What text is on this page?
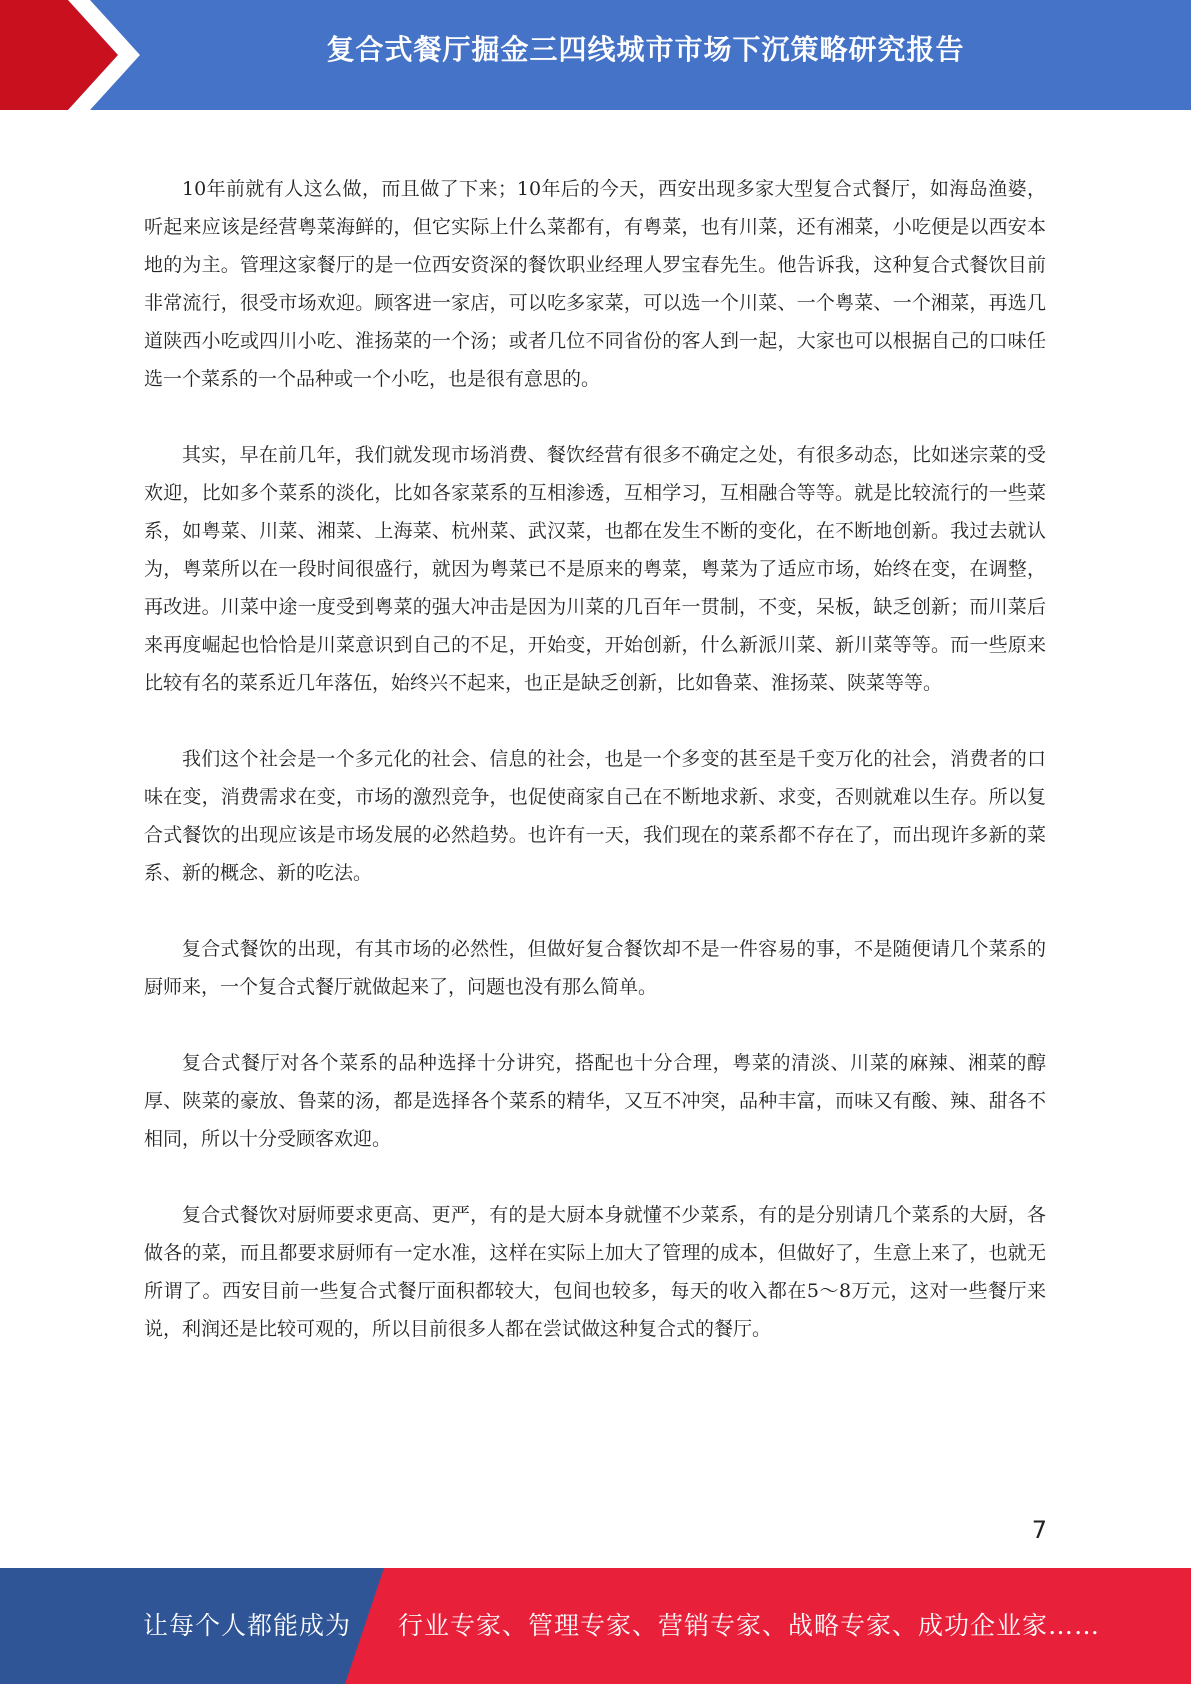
复合式餐厅掘金三四线城市市场下沉策略研究报告

10年前就有人这么做，而且做了下来；10年后的今天，西安出现多家大型复合式餐厅，如海岛渔婆，听起来应该是经营粤菜海鲜的，但它实际上什么菜都有，有粤菜，也有川菜，还有湘菜，小吃便是以西安本地的为主。管理这家餐厅的是一位西安资深的餐饮职业经理人罗宝春先生。他告诉我，这种复合式餐饮目前非常流行，很受市场欢迎。顾客进一家店，可以吃多家菜，可以选一个川菜、一个粤菜、一个湘菜，再选几道陕西小吃或四川小吃、淮扬菜的一个汤；或者几位不同省份的客人到一起，大家也可以根据自己的口味任选一个菜系的一个品种或一个小吃，也是很有意思的。

其实，早在前几年，我们就发现市场消费、餐饮经营有很多不确定之处，有很多动态，比如迷宗菜的受欢迎，比如多个菜系的淡化，比如各家菜系的互相渗透，互相学习，互相融合等等。就是比较流行的一些菜系，如粤菜、川菜、湘菜、上海菜、杭州菜、武汉菜，也都在发生不断的变化，在不断地创新。我过去就认为，粤菜所以在一段时间很盛行，就因为粤菜已不是原来的粤菜，粤菜为了适应市场，始终在变，在调整，再改进。川菜中途一度受到粤菜的强大冲击是因为川菜的几百年一贯制，不变，呆板，缺乏创新；而川菜后来再度崛起也恰恰是川菜意识到自己的不足，开始变，开始创新，什么新派川菜、新川菜等等。而一些原来比较有名的菜系近几年落伍，始终兴不起来，也正是缺乏创新，比如鲁菜、淮扬菜、陕菜等等。

我们这个社会是一个多元化的社会、信息的社会，也是一个多变的甚至是千变万化的社会，消费者的口味在变，消费需求在变，市场的激烈竞争，也促使商家自己在不断地求新、求变，否则就难以生存。所以复合式餐饮的出现应该是市场发展的必然趋势。也许有一天，我们现在的菜系都不存在了，而出现许多新的菜系、新的概念、新的吃法。

复合式餐饮的出现，有其市场的必然性，但做好复合餐饮却不是一件容易的事，不是随便请几个菜系的厨师来，一个复合式餐厅就做起来了，问题也没有那么简单。

复合式餐厅对各个菜系的品种选择十分讲究，搭配也十分合理，粤菜的清淡、川菜的麻辣、湘菜的醇厚、陕菜的豪放、鲁菜的汤，都是选择各个菜系的精华，又互不冲突，品种丰富，而味又有酸、辣、甜各不相同，所以十分受顾客欢迎。

复合式餐饮对厨师要求更高、更严，有的是大厨本身就懂不少菜系，有的是分别请几个菜系的大厨，各做各的菜，而且都要求厨师有一定水准，这样在实际上加大了管理的成本，但做好了，生意上来了，也就无所谓了。西安目前一些复合式餐厅面积都较大，包间也较多，每天的收入都在5～8万元，这对一些餐厅来说，利润还是比较可观的，所以目前很多人都在尝试做这种复合式的餐厅。

7
让每个人都能成为 行业专家、管理专家、营销专家、战略专家、成功企业家……
